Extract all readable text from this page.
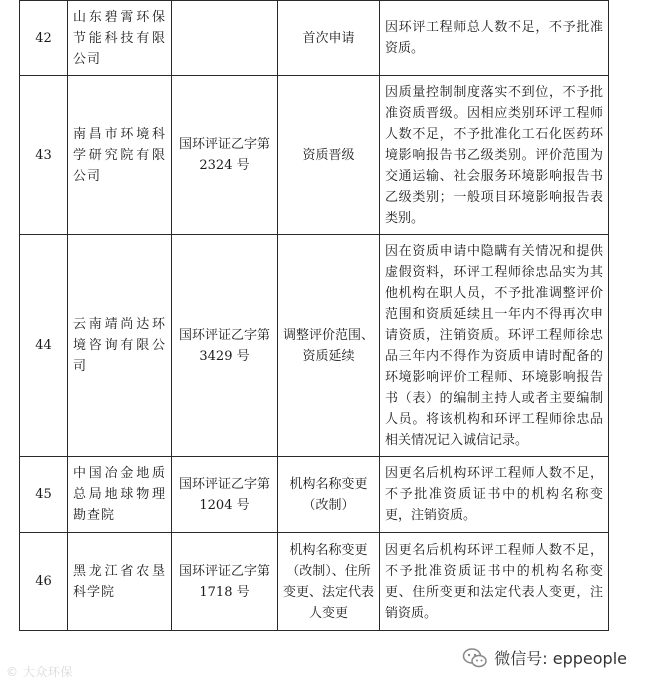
42	山东碧霄环保节能科技有限公司		首次申请	因环评工程师总人数不足，不予批准资质。
43	南昌市环境科学研究院有限公司	国环评证乙字第 2324 号	资质晋级	因质量控制制度落实不到位，不予批准资质晋级。因相应类别环评工程师人数不足，不予批准化工石化医药环境影响报告书乙级类别。评价范围为交通运输、社会服务环境影响报告书乙级类别；一般项目环境影响报告表类别。
44	云南靖尚达环境咨询有限公司	国环评证乙字第 3429 号	调整评价范围、资质延续	因在资质申请中隐瞒有关情况和提供虚假资料，环评工程师徐忠品实为其他机构在职人员，不予批准调整评价范围和资质延续且一年内不得再次申请资质，注销资质。环评工程师徐忠品三年内不得作为资质申请时配备的环境影响评价工程师、环境影响报告书（表）的编制主持人或者主要编制人员。将该机构和环评工程师徐忠品相关情况记入诚信记录。
45	中国冶金地质总局地球物理勘查院	国环评证乙字第 1204 号	机构名称变更（改制）	因更名后机构环评工程师人数不足，不予批准资质证书中的机构名称变更，注销资质。
46	黑龙江省农垦科学院	国环评证乙字第 1718 号	机构名称变更（改制）、住所变更、法定代表人变更	因更名后机构环评工程师人数不足，不予批准资质证书中的机构名称变更、住所变更和法定代表人变更，注销资质。
© 大众环保
微信号: eppeople
